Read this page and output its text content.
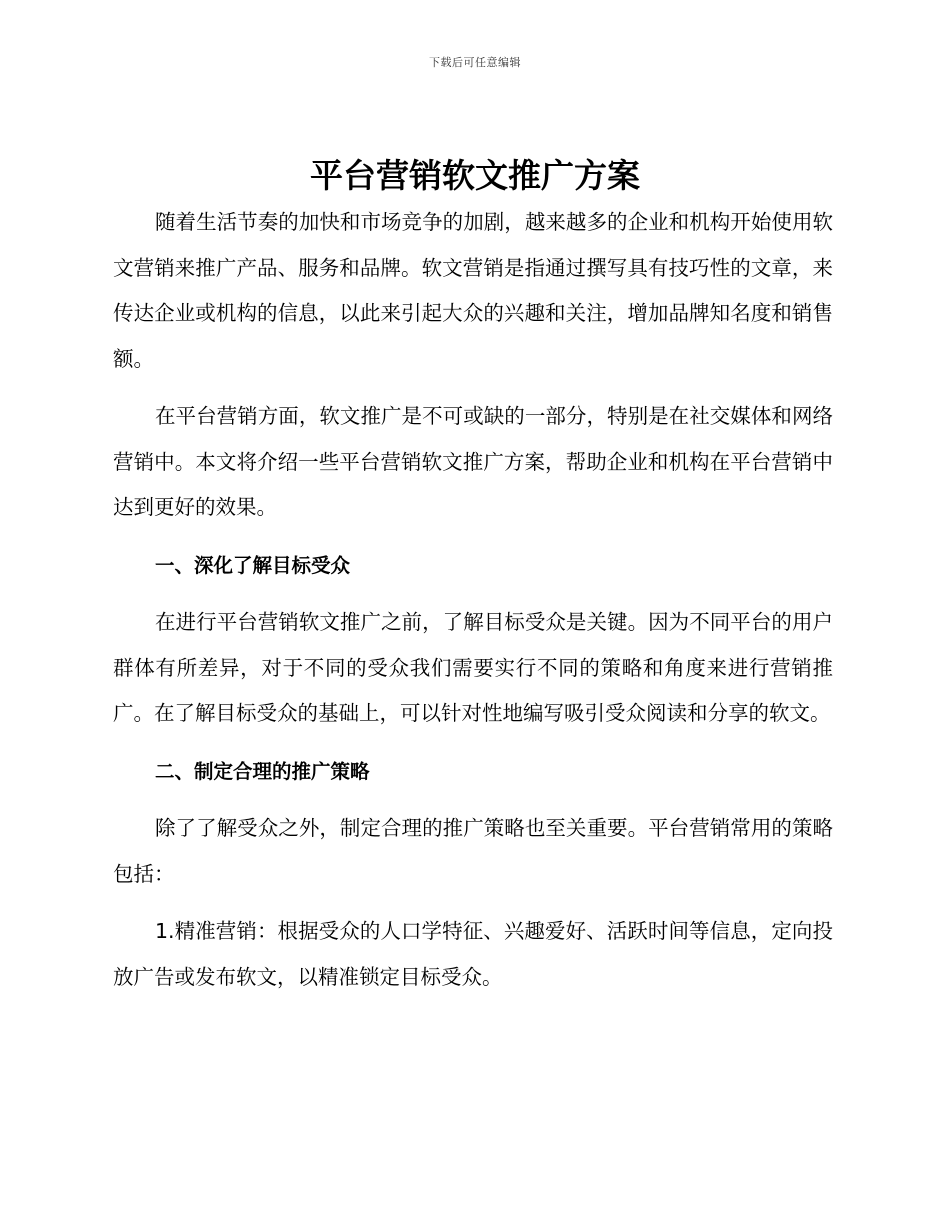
下载后可任意编辑
平台营销软文推广方案

随着生活节奏的加快和市场竞争的加剧，越来越多的企业和机构开始使用软文营销来推广产品、服务和品牌。软文营销是指通过撰写具有技巧性的文章，来传达企业或机构的信息，以此来引起大众的兴趣和关注，增加品牌知名度和销售额。

在平台营销方面，软文推广是不可或缺的一部分，特别是在社交媒体和网络营销中。本文将介绍一些平台营销软文推广方案，帮助企业和机构在平台营销中达到更好的效果。

一、深化了解目标受众

在进行平台营销软文推广之前，了解目标受众是关键。因为不同平台的用户群体有所差异，对于不同的受众我们需要实行不同的策略和角度来进行营销推广。在了解目标受众的基础上，可以针对性地编写吸引受众阅读和分享的软文。

二、制定合理的推广策略

除了了解受众之外，制定合理的推广策略也至关重要。平台营销常用的策略包括：

1.精准营销：根据受众的人口学特征、兴趣爱好、活跃时间等信息，定向投放广告或发布软文，以精准锁定目标受众。
